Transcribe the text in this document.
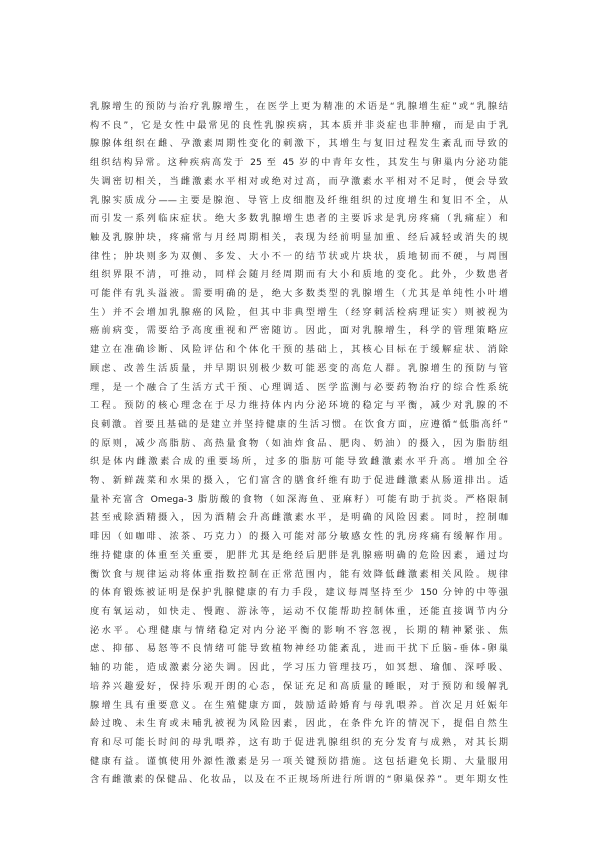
乳腺增生的预防与治疗乳腺增生，在医学上更为精准的术语是“乳腺增生症”或“乳腺结
构不良”，它是女性中最常见的良性乳腺疾病，其本质并非炎症也非肿瘤，而是由于乳
腺腺体组织在雌、孕激素周期性变化的刺激下，其增生与复旧过程发生紊乱而导致的
组织结构异常。这种疾病高发于 25 至 45 岁的中青年女性，其发生与卵巢内分泌功能
失调密切相关，当雌激素水平相对或绝对过高，而孕激素水平相对不足时，便会导致
乳腺实质成分——主要是腺泡、导管上皮细胞及纤维组织的过度增生和复旧不全，从
而引发一系列临床症状。绝大多数乳腺增生患者的主要诉求是乳房疼痛（乳痛症）和
触及乳腺肿块，疼痛常与月经周期相关，表现为经前明显加重、经后减轻或消失的规
律性；肿块则多为双侧、多发、大小不一的结节状或片块状，质地韧而不硬，与周围
组织界限不清，可推动，同样会随月经周期而有大小和质地的变化。此外，少数患者
可能伴有乳头溢液。需要明确的是，绝大多数类型的乳腺增生（尤其是单纯性小叶增
生）并不会增加乳腺癌的风险，但其中非典型增生（经穿刺活检病理证实）则被视为
癌前病变，需要给予高度重视和严密随访。因此，面对乳腺增生，科学的管理策略应
建立在准确诊断、风险评估和个体化干预的基础上，其核心目标在于缓解症状、消除
顾虑、改善生活质量，并早期识别极少数可能恶变的高危人群。乳腺增生的预防与管
理，是一个融合了生活方式干预、心理调适、医学监测与必要药物治疗的综合性系统
工程。预防的核心理念在于尽力维持体内内分泌环境的稳定与平衡，减少对乳腺的不
良刺激。首要且基础的是建立并坚持健康的生活习惯。在饮食方面，应遵循“低脂高纤”
的原则，减少高脂肪、高热量食物（如油炸食品、肥肉、奶油）的摄入，因为脂肪组
织是体内雌激素合成的重要场所，过多的脂肪可能导致雌激素水平升高。增加全谷
物、新鲜蔬菜和水果的摄入，它们富含的膳食纤维有助于促进雌激素从肠道排出。适
量补充富含 Omega-3 脂肪酸的食物（如深海鱼、亚麻籽）可能有助于抗炎。严格限制
甚至戒除酒精摄入，因为酒精会升高雌激素水平，是明确的风险因素。同时，控制咖
啡因（如咖啡、浓茶、巧克力）的摄入可能对部分敏感女性的乳房疼痛有缓解作用。
维持健康的体重至关重要，肥胖尤其是绝经后肥胖是乳腺癌明确的危险因素，通过均
衡饮食与规律运动将体重指数控制在正常范围内，能有效降低雌激素相关风险。规律
的体育锻炼被证明是保护乳腺健康的有力手段，建议每周坚持至少 150 分钟的中等强
度有氧运动，如快走、慢跑、游泳等，运动不仅能帮助控制体重，还能直接调节内分
泌水平。心理健康与情绪稳定对内分泌平衡的影响不容忽视，长期的精神紧张、焦
虑、抑郁、易怒等不良情绪可能导致植物神经功能紊乱，进而干扰下丘脑-垂体-卵巢
轴的功能，造成激素分泌失调。因此，学习压力管理技巧，如冥想、瑜伽、深呼吸、
培养兴趣爱好，保持乐观开朗的心态，保证充足和高质量的睡眠，对于预防和缓解乳
腺增生具有重要意义。在生殖健康方面，鼓励适龄婚育与母乳喂养。首次足月妊娠年
龄过晚、未生育或未哺乳被视为风险因素，因此，在条件允许的情况下，提倡自然生
育和尽可能长时间的母乳喂养，这有助于促进乳腺组织的充分发育与成熟，对其长期
健康有益。谨慎使用外源性激素是另一项关键预防措施。这包括避免长期、大量服用
含有雌激素的保健品、化妆品，以及在不正规场所进行所谓的“卵巢保养”。更年期女性
